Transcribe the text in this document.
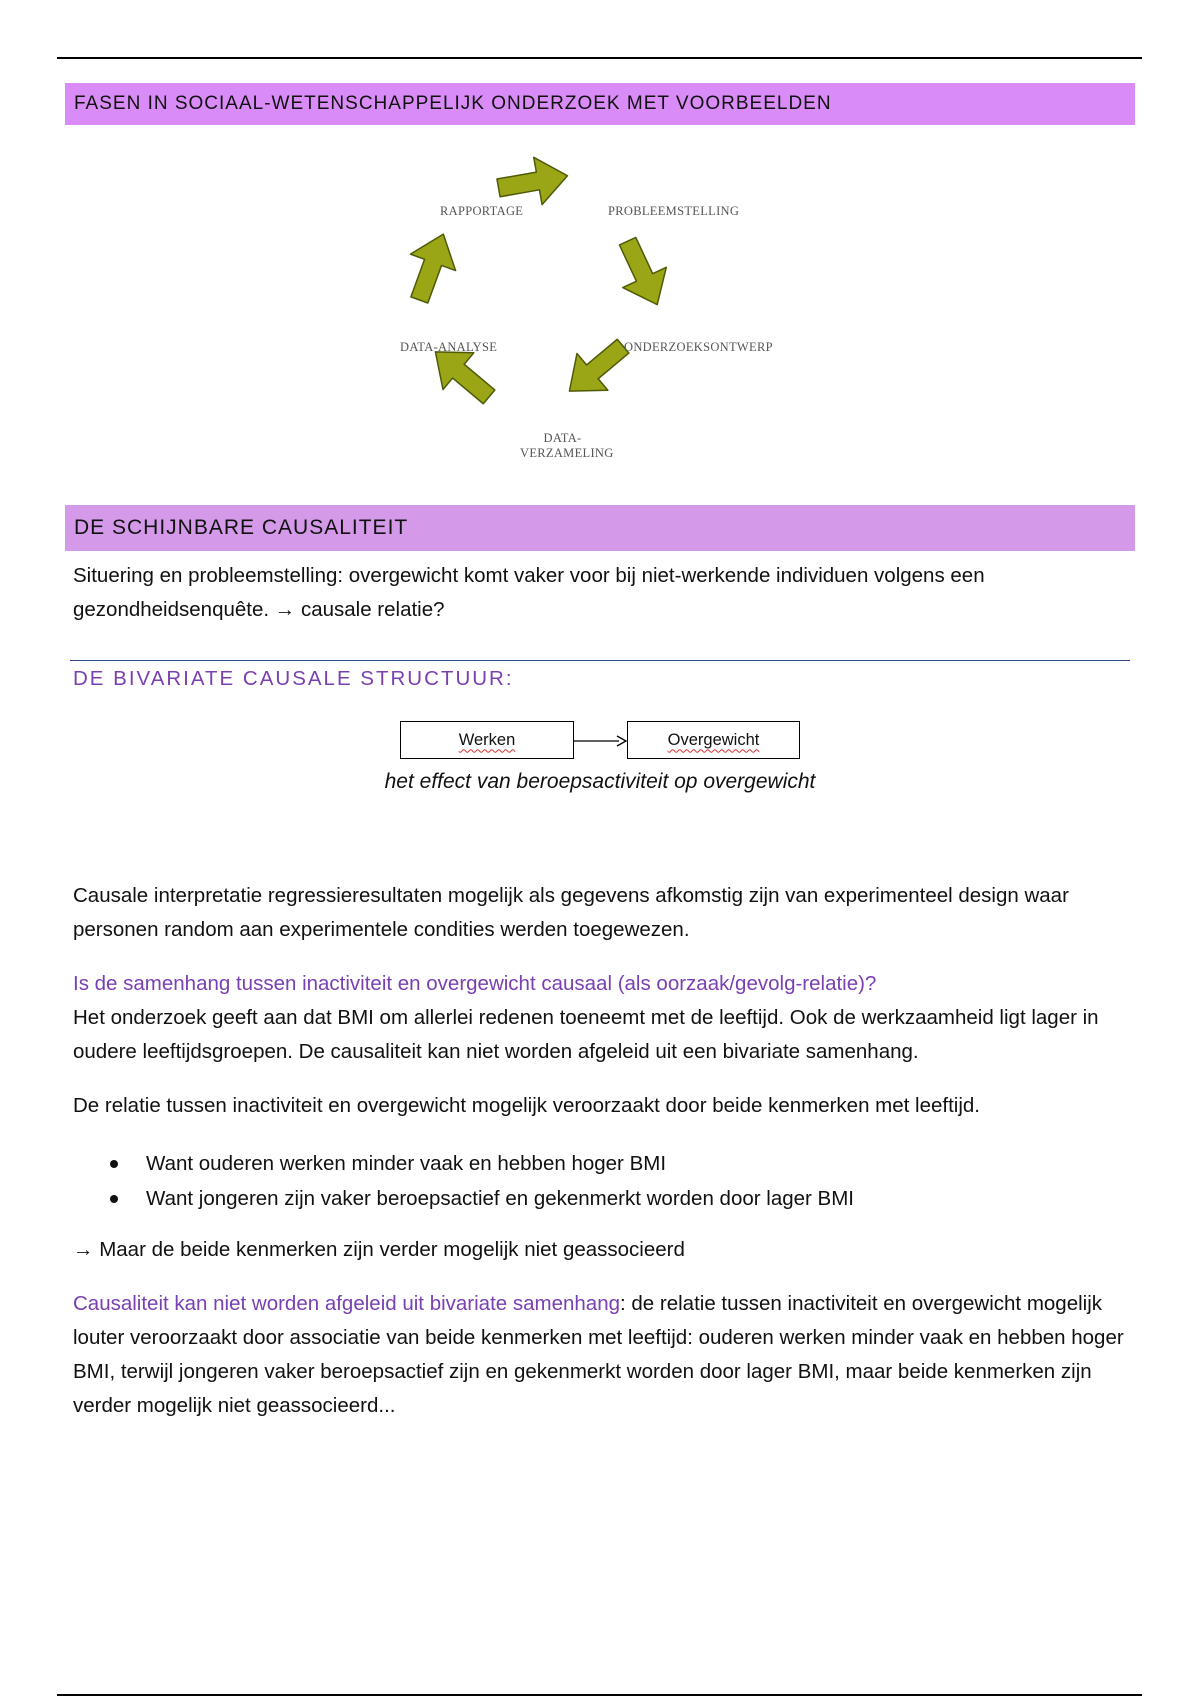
FASEN IN SOCIAAL-WETENSCHAPPELIJK ONDERZOEK MET VOORBEELDEN
PROBLEEMSTELLING
ONDERZOEKSONTWERP
DATA-
VERZAMELING
DATA-ANALYSE
RAPPORTAGE
DE SCHIJNBARE CAUSALITEIT
Situering en probleemstelling: overgewicht komt vaker voor bij niet-werkende individuen volgens een gezondheidsenquête. → causale relatie?
DE BIVARIATE CAUSALE STRUCTUUR:
Werken	Overgewicht
het effect van beroepsactiviteit op overgewicht
Causale interpretatie regressieresultaten mogelijk als gegevens afkomstig zijn van experimenteel design waar personen random aan experimentele condities werden toegewezen.
Is de samenhang tussen inactiviteit en overgewicht causaal (als oorzaak/gevolg-relatie)?
Het onderzoek geeft aan dat BMI om allerlei redenen toeneemt met de leeftijd. Ook de werkzaamheid ligt lager in oudere leeftijdsgroepen. De causaliteit kan niet worden afgeleid uit een bivariate samenhang.
De relatie tussen inactiviteit en overgewicht mogelijk veroorzaakt door beide kenmerken met leeftijd.
Want ouderen werken minder vaak en hebben hoger BMI
Want jongeren zijn vaker beroepsactief en gekenmerkt worden door lager BMI
→ Maar de beide kenmerken zijn verder mogelijk niet geassocieerd
Causaliteit kan niet worden afgeleid uit bivariate samenhang: de relatie tussen inactiviteit en overgewicht mogelijk louter veroorzaakt door associatie van beide kenmerken met leeftijd: ouderen werken minder vaak en hebben hoger BMI, terwijl jongeren vaker beroepsactief zijn en gekenmerkt worden door lager BMI, maar beide kenmerken zijn verder mogelijk niet geassocieerd...
